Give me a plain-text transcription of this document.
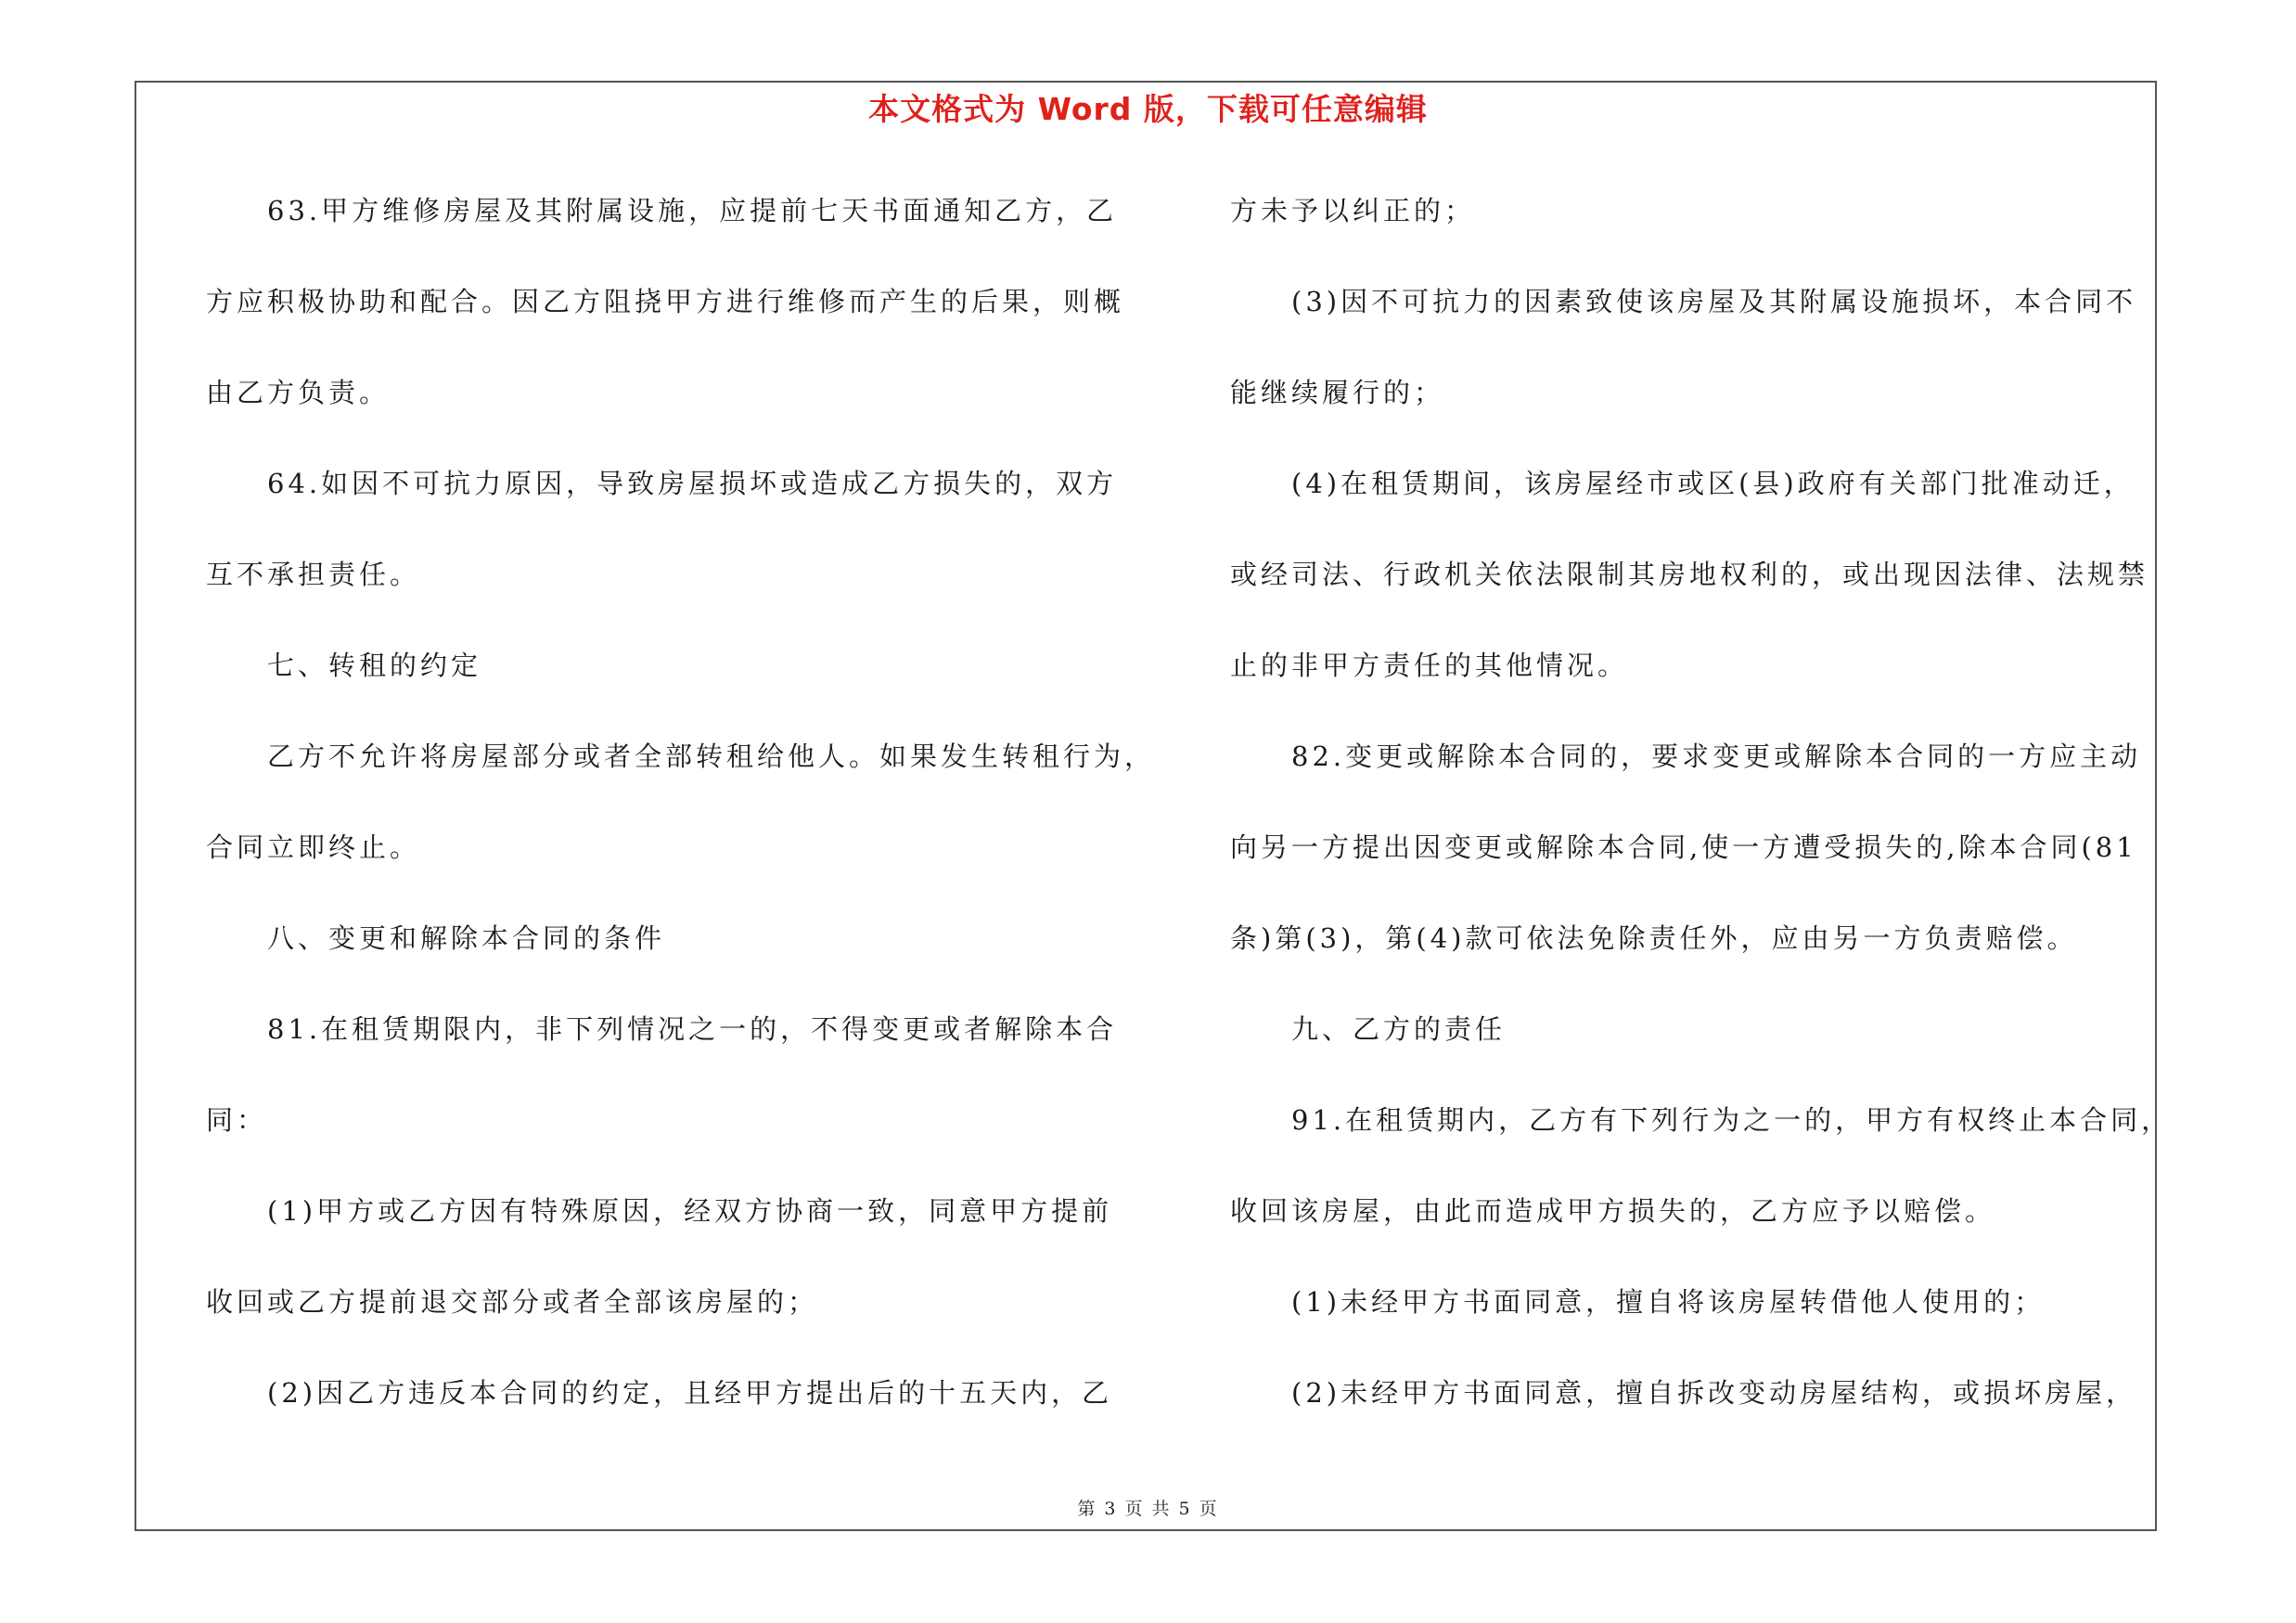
本文格式为 Word 版，下载可任意编辑
63.甲方维修房屋及其附属设施，应提前七天书面通知乙方，乙
方应积极协助和配合。因乙方阻挠甲方进行维修而产生的后果，则概
由乙方负责。
64.如因不可抗力原因，导致房屋损坏或造成乙方损失的，双方
互不承担责任。
七、转租的约定
乙方不允许将房屋部分或者全部转租给他人。如果发生转租行为，
合同立即终止。
八、变更和解除本合同的条件
81.在租赁期限内，非下列情况之一的，不得变更或者解除本合
同：
(1)甲方或乙方因有特殊原因，经双方协商一致，同意甲方提前
收回或乙方提前退交部分或者全部该房屋的；
(2)因乙方违反本合同的约定，且经甲方提出后的十五天内，乙
方未予以纠正的；
(3)因不可抗力的因素致使该房屋及其附属设施损坏，本合同不
能继续履行的；
(4)在租赁期间，该房屋经市或区(县)政府有关部门批准动迁，
或经司法、行政机关依法限制其房地权利的，或出现因法律、法规禁
止的非甲方责任的其他情况。
82.变更或解除本合同的，要求变更或解除本合同的一方应主动
向另一方提出因变更或解除本合同,使一方遭受损失的,除本合同(81
条)第(3)，第(4)款可依法免除责任外，应由另一方负责赔偿。
九、乙方的责任
91.在租赁期内，乙方有下列行为之一的，甲方有权终止本合同，
收回该房屋，由此而造成甲方损失的，乙方应予以赔偿。
(1)未经甲方书面同意，擅自将该房屋转借他人使用的；
(2)未经甲方书面同意，擅自拆改变动房屋结构，或损坏房屋，
第 3 页 共 5 页
